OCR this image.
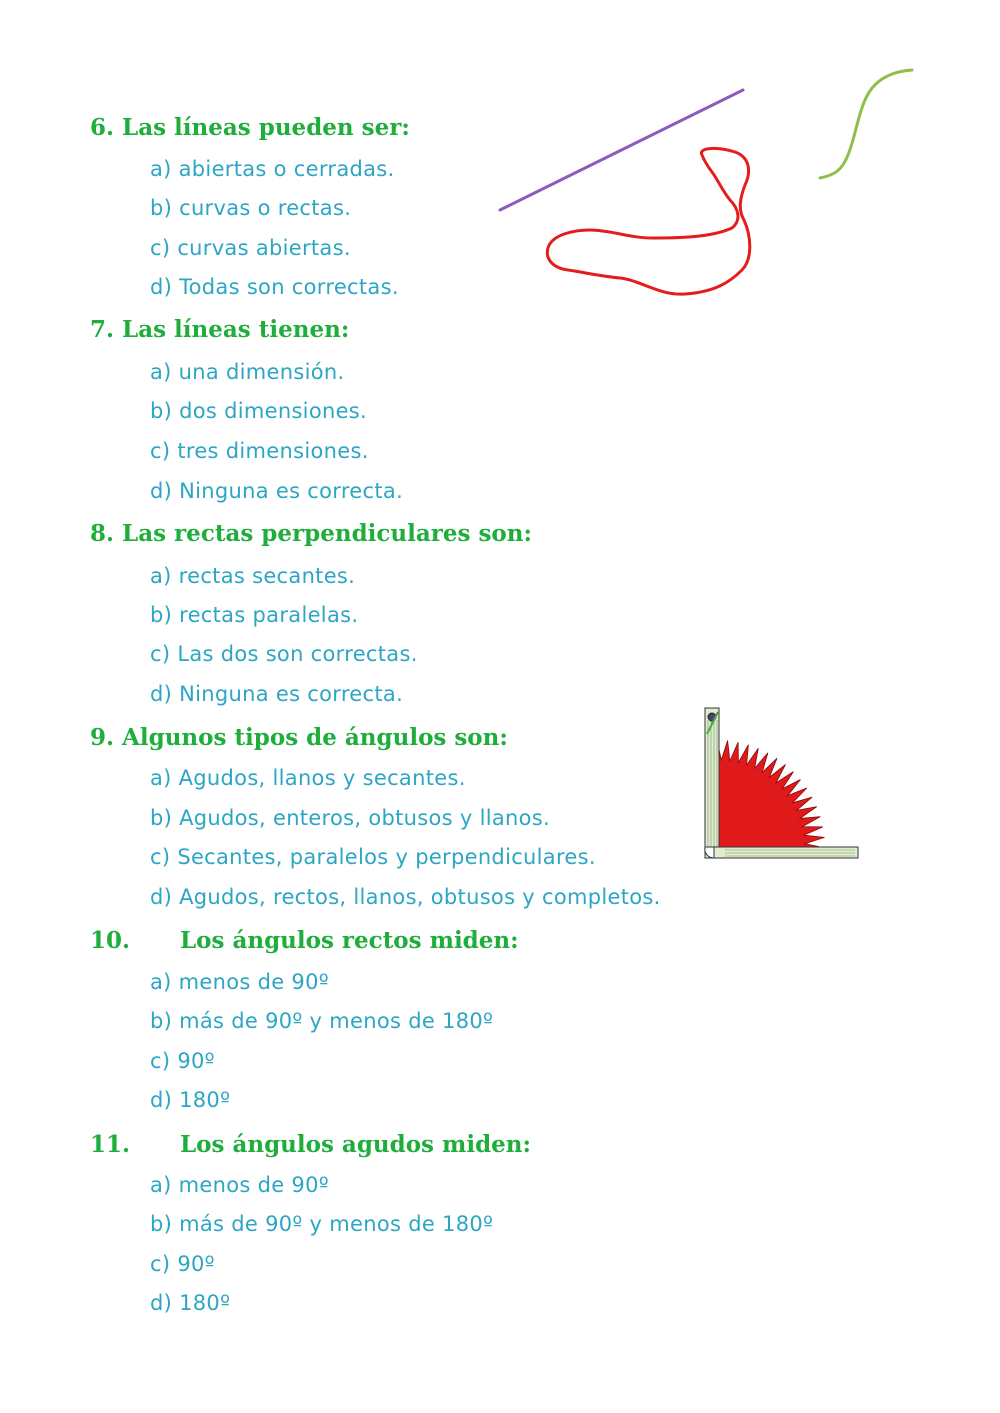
6. Las líneas pueden ser:
a) abiertas o cerradas.
b) curvas o rectas.
c) curvas abiertas.
d) Todas son correctas.
7. Las líneas tienen:
a) una dimensión.
b) dos dimensiones.
c) tres dimensiones.
d) Ninguna es correcta.
8. Las rectas perpendiculares son:
a) rectas secantes.
b) rectas paralelas.
c) Las dos son correctas.
d) Ninguna es correcta.
9. Algunos tipos de ángulos son:
a) Agudos, llanos y secantes.
b) Agudos, enteros, obtusos y llanos.
c) Secantes, paralelos y perpendiculares.
d) Agudos, rectos, llanos, obtusos y completos.
10. Los ángulos rectos miden:
a) menos de 90º
b) más de 90º y menos de 180º
c) 90º
d) 180º
11. Los ángulos agudos miden:
a) menos de 90º
b) más de 90º y menos de 180º
c) 90º
d) 180º
